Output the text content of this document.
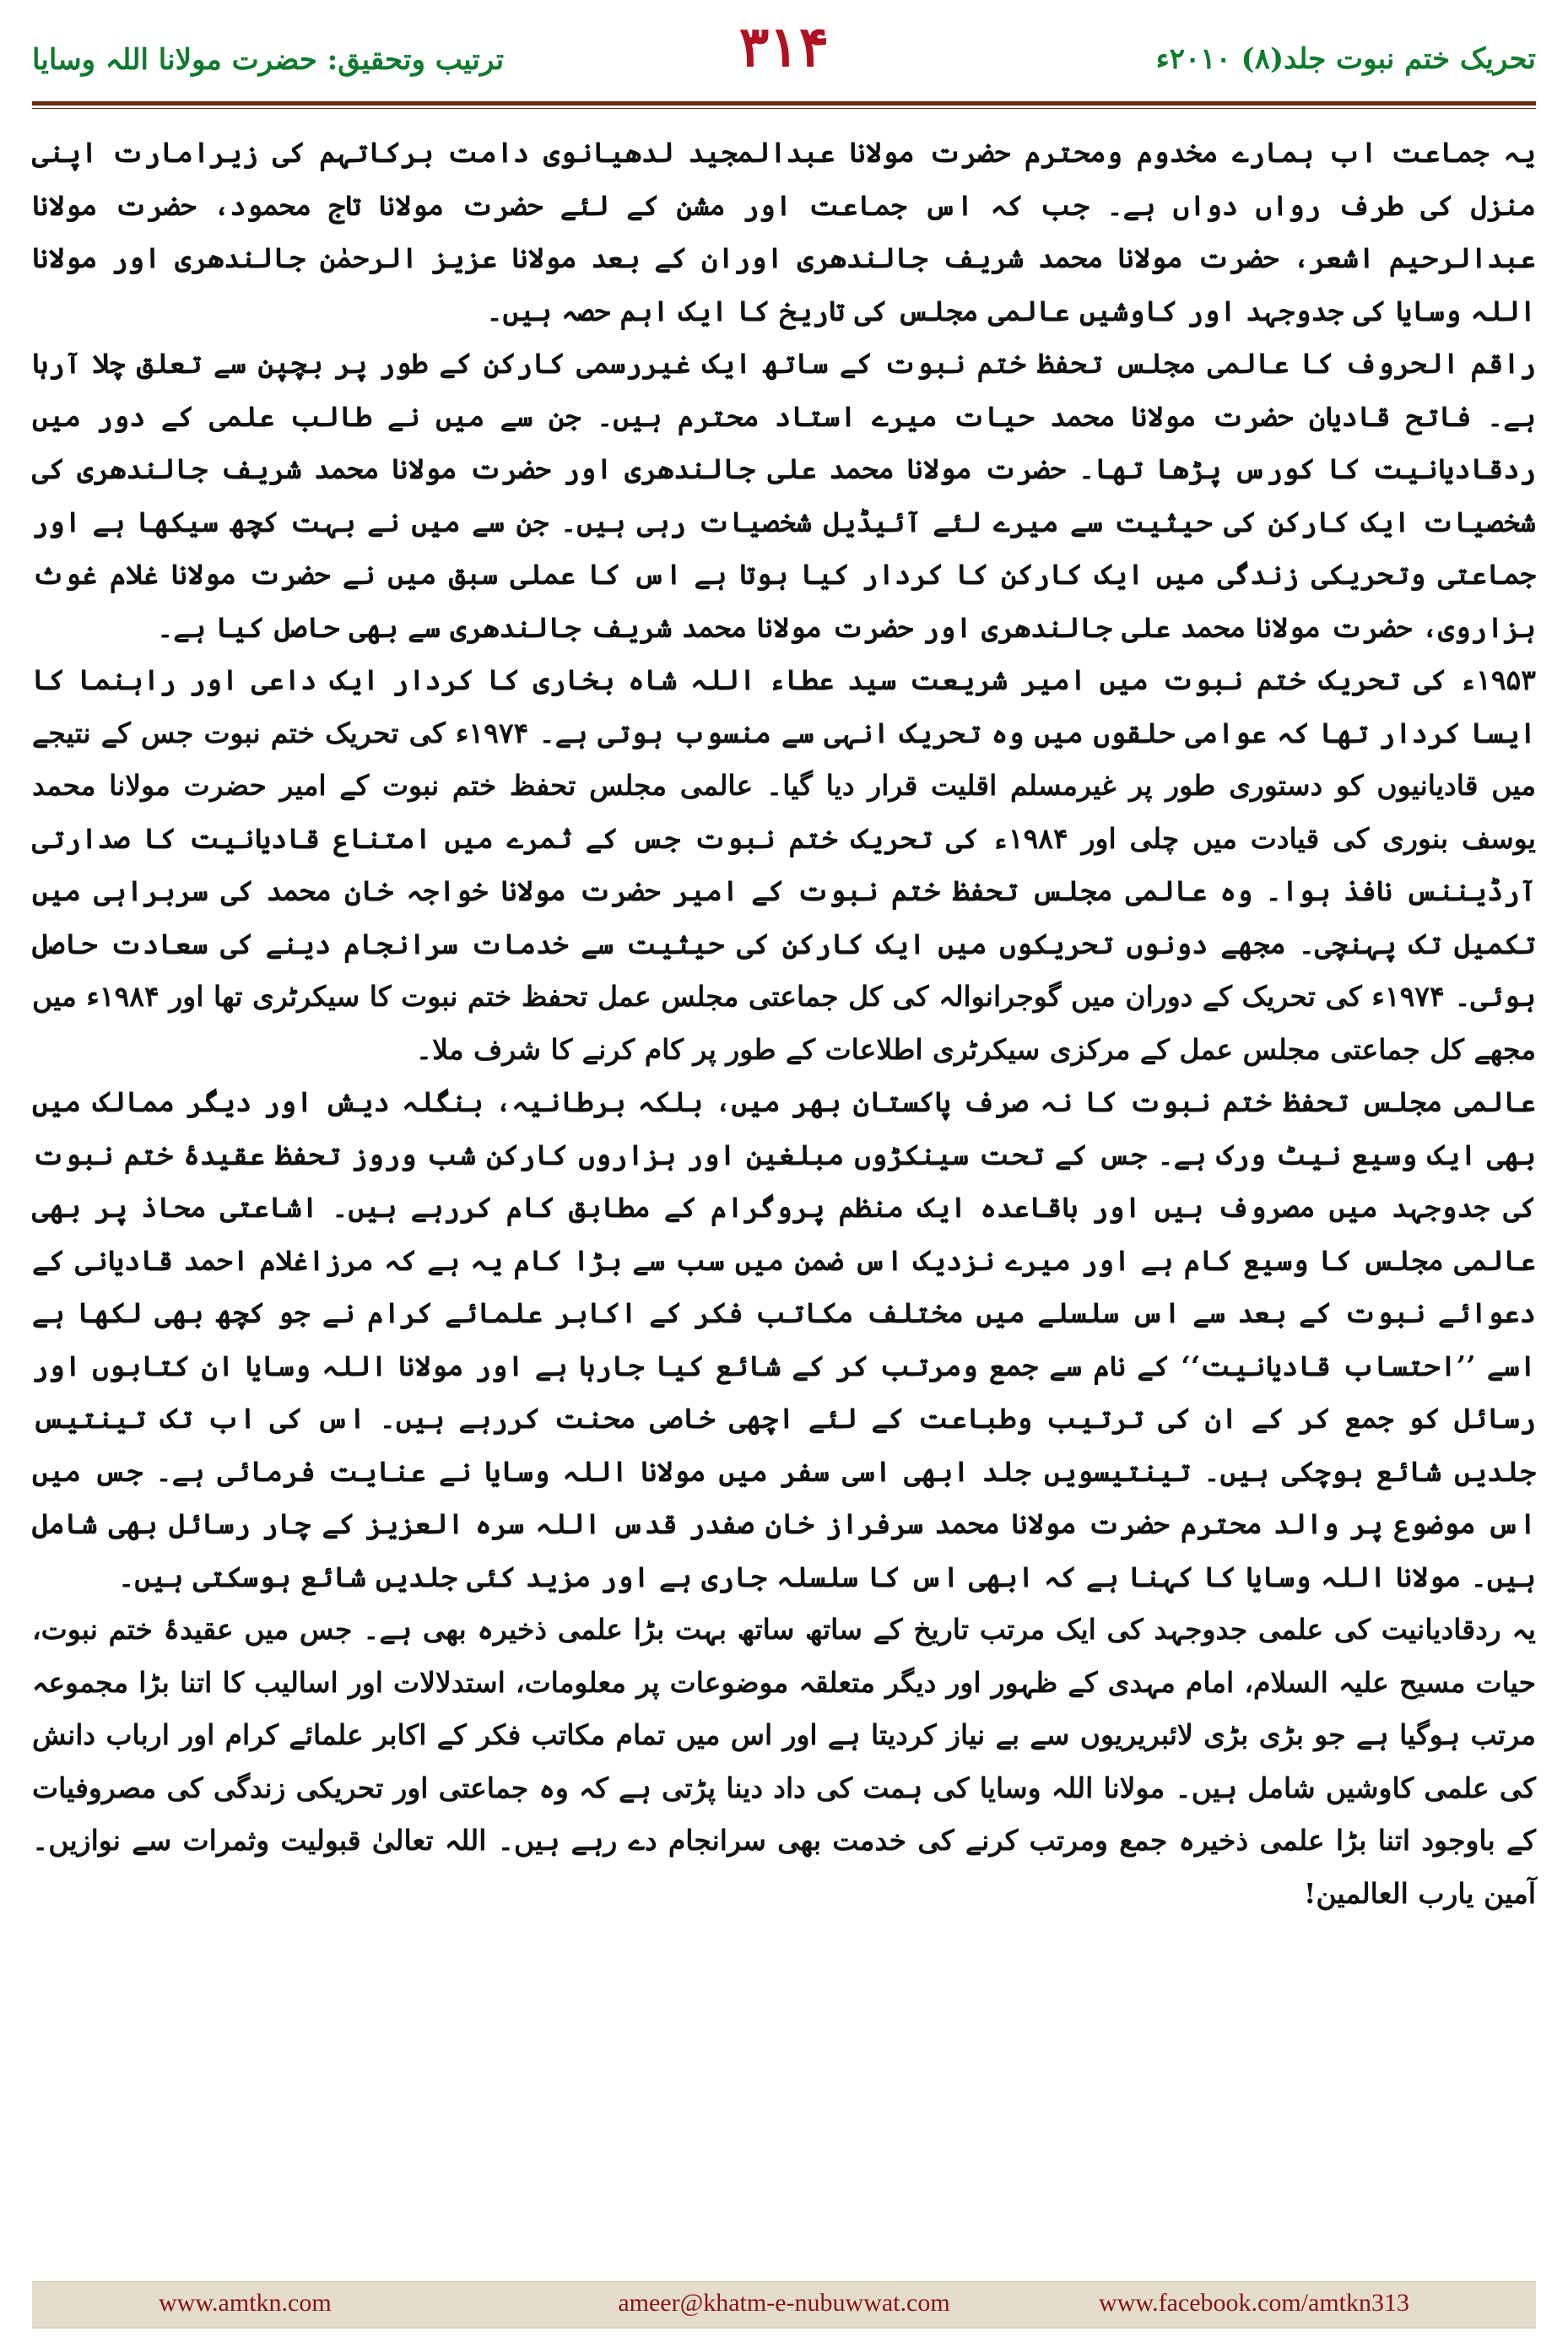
تحریک ختم نبوت جلد(۸) ۲۰۱۰ء
۳۱۴
ترتیب وتحقیق: حضرت مولانا اللہ وسایا

یہ جماعت اب ہمارے مخدوم ومحترم حضرت مولانا عبدالمجید لدھیانوی دامت برکاتہم کی زیرامارت اپنی منزل کی طرف رواں دواں ہے۔ جب کہ اس جماعت اور مشن کے لئے حضرت مولانا تاج محمود، حضرت مولانا عبدالرحیم اشعر، حضرت مولانا محمد شریف جالندھری اوران کے بعد مولانا عزیز الرحمٰن جالندھری اور مولانا اللہ وسایا کی جدوجہد اور کاوشیں عالمی مجلس کی تاریخ کا ایک اہم حصہ ہیں۔

راقم الحروف کا عالمی مجلس تحفظ ختم نبوت کے ساتھ ایک غیررسمی کارکن کے طور پر بچپن سے تعلق چلا آرہا ہے۔ فاتح قادیان حضرت مولانا محمد حیات میرے استاد محترم ہیں۔ جن سے میں نے طالب علمی کے دور میں ردقادیانیت کا کورس پڑھا تھا۔ حضرت مولانا محمد علی جالندھری اور حضرت مولانا محمد شریف جالندھری کی شخصیات ایک کارکن کی حیثیت سے میرے لئے آئیڈیل شخصیات رہی ہیں۔ جن سے میں نے بہت کچھ سیکھا ہے اور جماعتی وتحریکی زندگی میں ایک کارکن کا کردار کیا ہوتا ہے اس کا عملی سبق میں نے حضرت مولانا غلام غوث ہزاروی، حضرت مولانا محمد علی جالندھری اور حضرت مولانا محمد شریف جالندھری سے بھی حاصل کیا ہے۔

۱۹۵۳ء کی تحریک ختم نبوت میں امیر شریعت سید عطاء اللہ شاہ بخاری کا کردار ایک داعی اور راہنما کا ایسا کردار تھا کہ عوامی حلقوں میں وہ تحریک انہی سے منسوب ہوتی ہے۔ ۱۹۷۴ء کی تحریک ختم نبوت جس کے نتیجے میں قادیانیوں کو دستوری طور پر غیرمسلم اقلیت قرار دیا گیا۔ عالمی مجلس تحفظ ختم نبوت کے امیر حضرت مولانا محمد یوسف بنوری کی قیادت میں چلی اور ۱۹۸۴ء کی تحریک ختم نبوت جس کے ثمرے میں امتناع قادیانیت کا صدارتی آرڈیننس نافذ ہوا۔ وہ عالمی مجلس تحفظ ختم نبوت کے امیر حضرت مولانا خواجہ خان محمد کی سربراہی میں تکمیل تک پہنچی۔ مجھے دونوں تحریکوں میں ایک کارکن کی حیثیت سے خدمات سرانجام دینے کی سعادت حاصل ہوئی۔ ۱۹۷۴ء کی تحریک کے دوران میں گوجرانوالہ کی کل جماعتی مجلس عمل تحفظ ختم نبوت کا سیکرٹری تھا اور ۱۹۸۴ء میں مجھے کل جماعتی مجلس عمل کے مرکزی سیکرٹری اطلاعات کے طور پر کام کرنے کا شرف ملا۔

عالمی مجلس تحفظ ختم نبوت کا نہ صرف پاکستان بھر میں، بلکہ برطانیہ، بنگلہ دیش اور دیگر ممالک میں بھی ایک وسیع نیٹ ورک ہے۔ جس کے تحت سینکڑوں مبلغین اور ہزاروں کارکن شب وروز تحفظ عقیدۂ ختم نبوت کی جدوجہد میں مصروف ہیں اور باقاعدہ ایک منظم پروگرام کے مطابق کام کررہے ہیں۔ اشاعتی محاذ پر بھی عالمی مجلس کا وسیع کام ہے اور میرے نزدیک اس ضمن میں سب سے بڑا کام یہ ہے کہ مرزاغلام احمد قادیانی کے دعوائے نبوت کے بعد سے اس سلسلے میں مختلف مکاتب فکر کے اکابر علمائے کرام نے جو کچھ بھی لکھا ہے اسے ’’احتساب قادیانیت‘‘ کے نام سے جمع ومرتب کر کے شائع کیا جارہا ہے اور مولانا اللہ وسایا ان کتابوں اور رسائل کو جمع کر کے ان کی ترتیب وطباعت کے لئے اچھی خاصی محنت کررہے ہیں۔ اس کی اب تک تینتیس جلدیں شائع ہوچکی ہیں۔ تینتیسویں جلد ابھی اسی سفر میں مولانا اللہ وسایا نے عنایت فرمائی ہے۔ جس میں اس موضوع پر والد محترم حضرت مولانا محمد سرفراز خان صفدر قدس اللہ سرہ العزیز کے چار رسائل بھی شامل ہیں۔ مولانا اللہ وسایا کا کہنا ہے کہ ابھی اس کا سلسلہ جاری ہے اور مزید کئی جلدیں شائع ہوسکتی ہیں۔

یہ ردقادیانیت کی علمی جدوجہد کی ایک مرتب تاریخ کے ساتھ ساتھ بہت بڑا علمی ذخیرہ بھی ہے۔ جس میں عقیدۂ ختم نبوت، حیات مسیح علیہ السلام، امام مہدی کے ظہور اور دیگر متعلقہ موضوعات پر معلومات، استدلالات اور اسالیب کا اتنا بڑا مجموعہ مرتب ہوگیا ہے جو بڑی بڑی لائبریریوں سے بے نیاز کردیتا ہے اور اس میں تمام مکاتب فکر کے اکابر علمائے کرام اور ارباب دانش کی علمی کاوشیں شامل ہیں۔ مولانا اللہ وسایا کی ہمت کی داد دینا پڑتی ہے کہ وہ جماعتی اور تحریکی زندگی کی مصروفیات کے باوجود اتنا بڑا علمی ذخیرہ جمع ومرتب کرنے کی خدمت بھی سرانجام دے رہے ہیں۔ اللہ تعالیٰ قبولیت وثمرات سے نوازیں۔ آمین یارب العالمین!

www.amtkn.com	ameer@khatm-e-nubuwwat.com	www.facebook.com/amtkn313
